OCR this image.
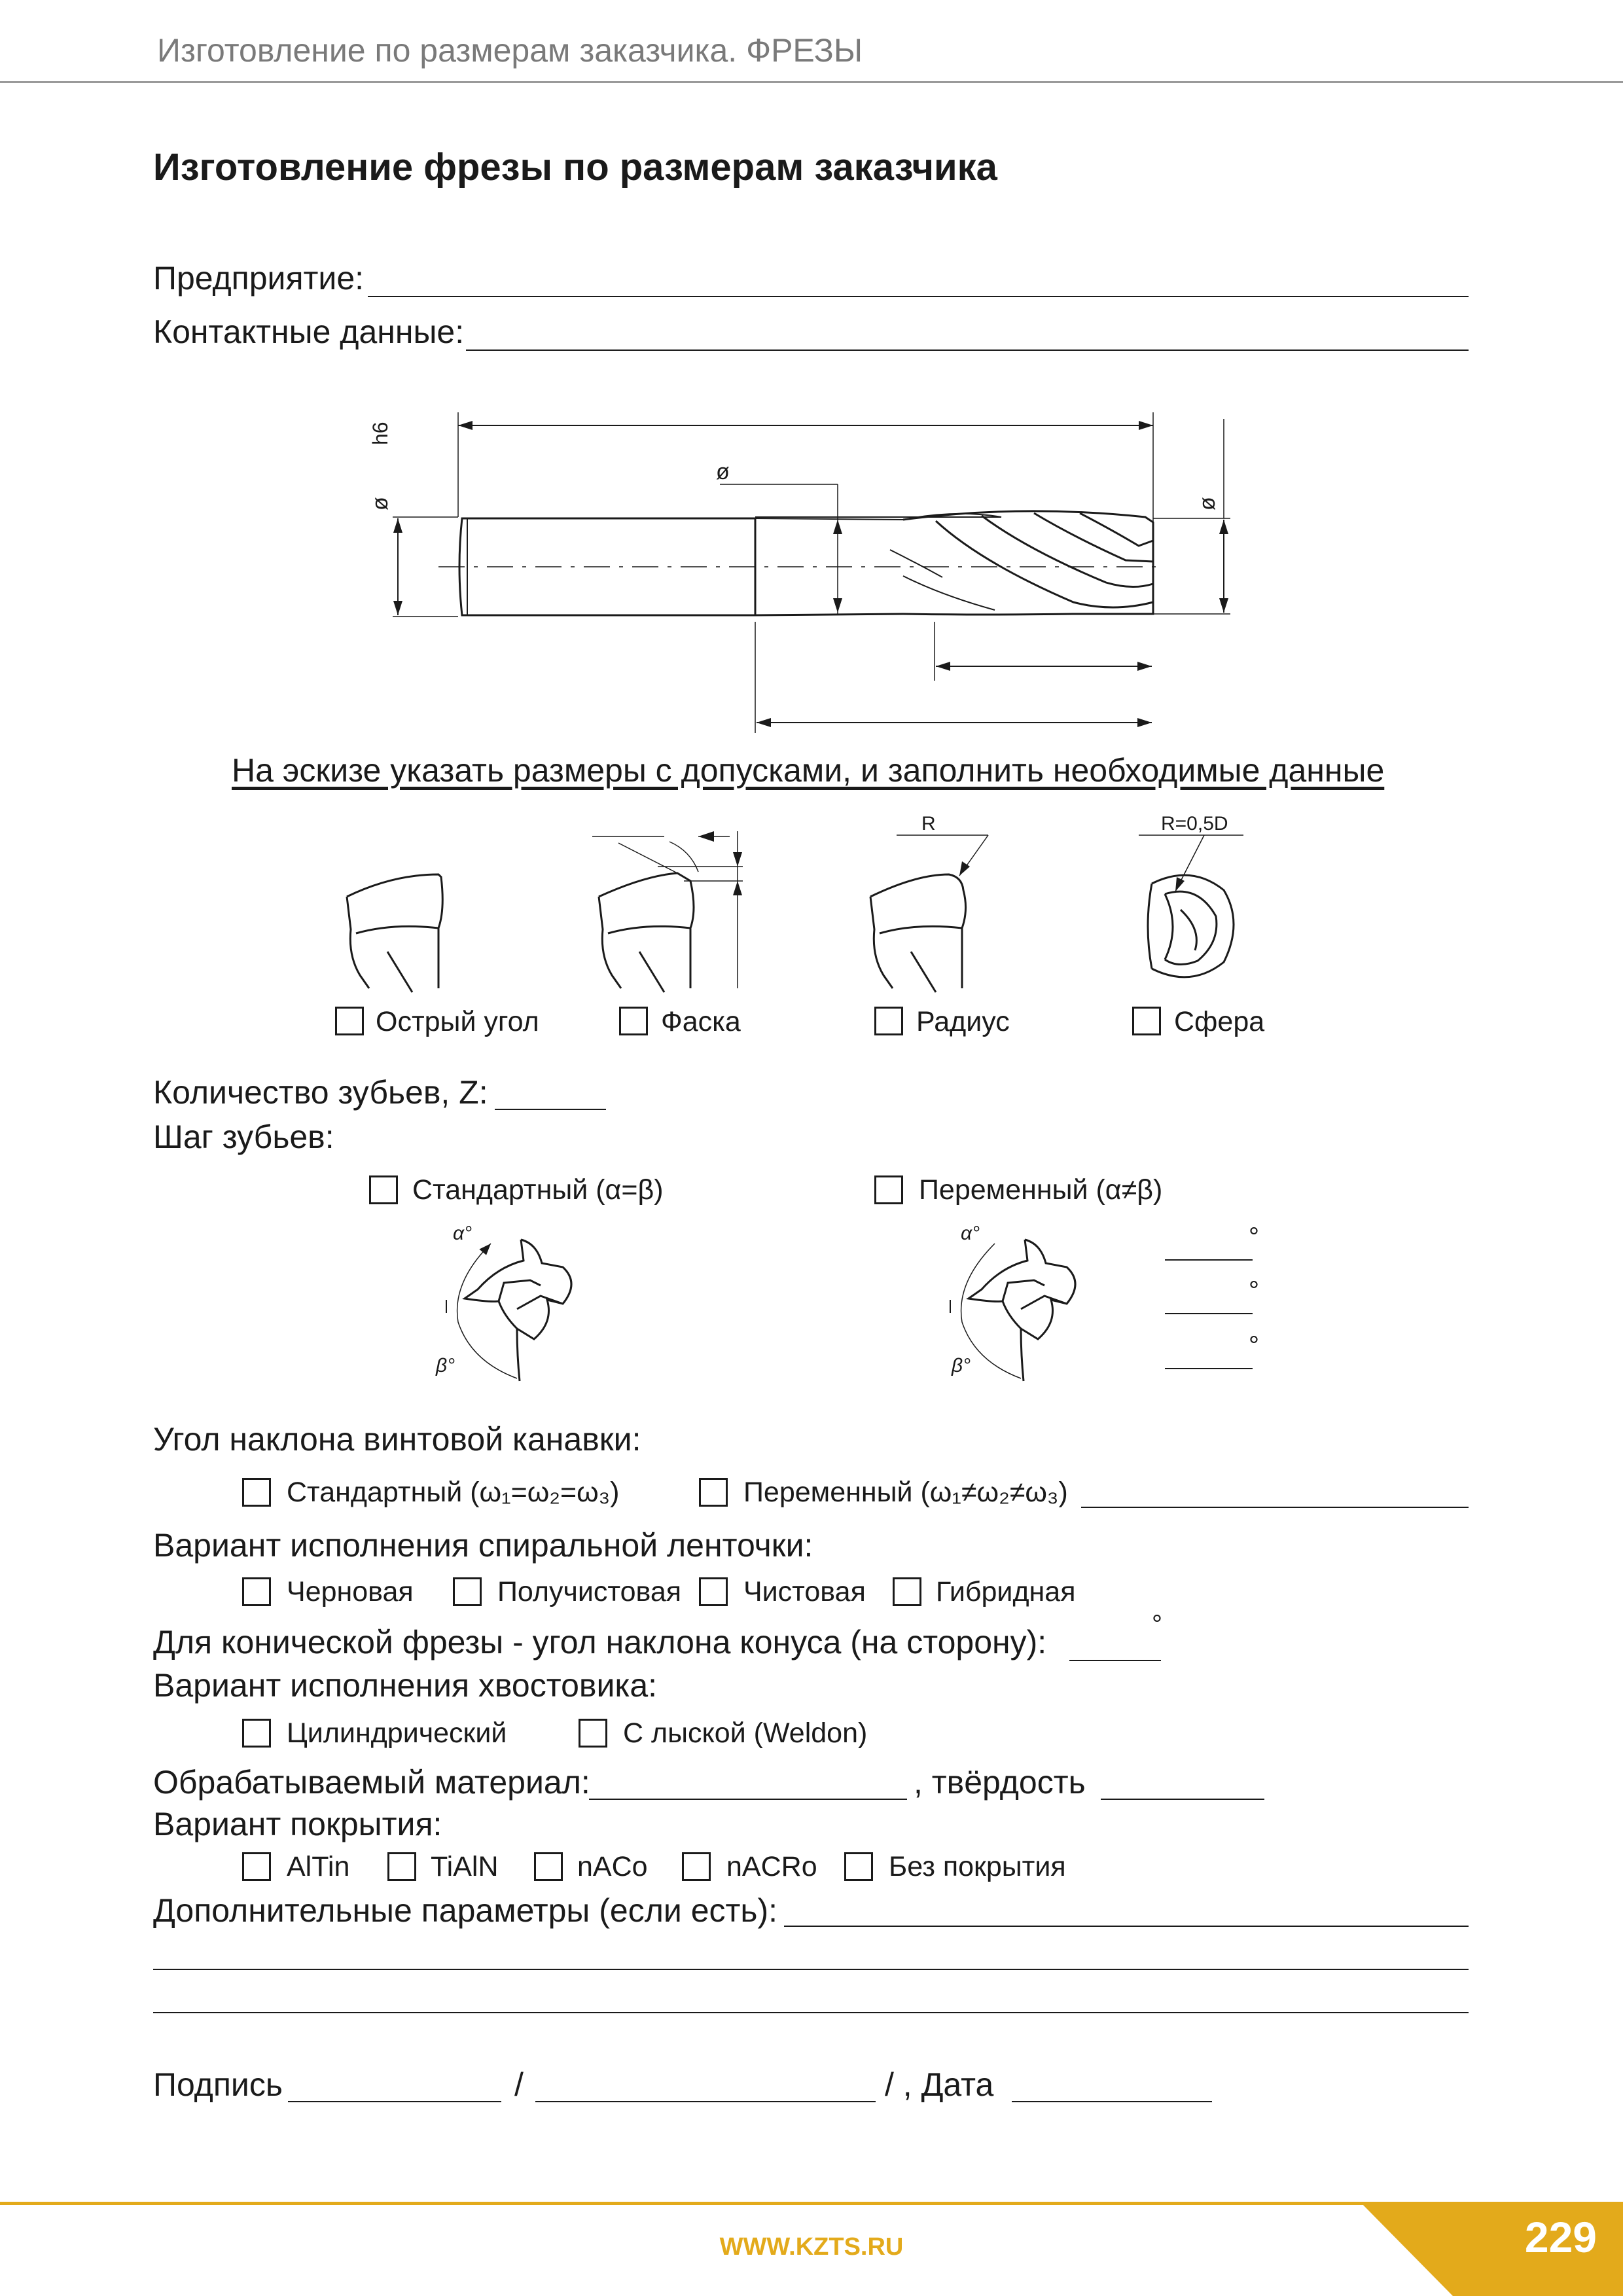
Изготовление по размерам заказчика. ФРЕЗЫ
Изготовление фрезы по размерам заказчика
Предприятие:
Контактные данные:
h6
ø
ø
ø
На эскизе указать размеры с допусками, и заполнить необходимые данные
R	R=0,5D
Острый угол	Фаска	Радиус	Сфера
Количество зубьев, Z:
Шаг зубьев:
Стандартный (α=β)	Переменный (α≠β)
α°
β°
α°
β°
°
°
°
Угол наклона винтовой канавки:
Стандартный (ω₁=ω₂=ω₃)	Переменный (ω₁≠ω₂≠ω₃)
Вариант исполнения спиральной ленточки:
Черновая	Получистовая Чистовая Гибридная
Для конической фрезы - угол наклона конуса (на сторону):	°
Вариант исполнения хвостовика:
Цилиндрический	С лыской (Weldon)
Обрабатываемый материал:	, твёрдость
Вариант покрытия:
AlTin	TiAlN	nACo	nACRo	Без покрытия
Дополнительные параметры (если есть):
Подпись	/	/ , Дата
WWW.KZTS.RU	229
